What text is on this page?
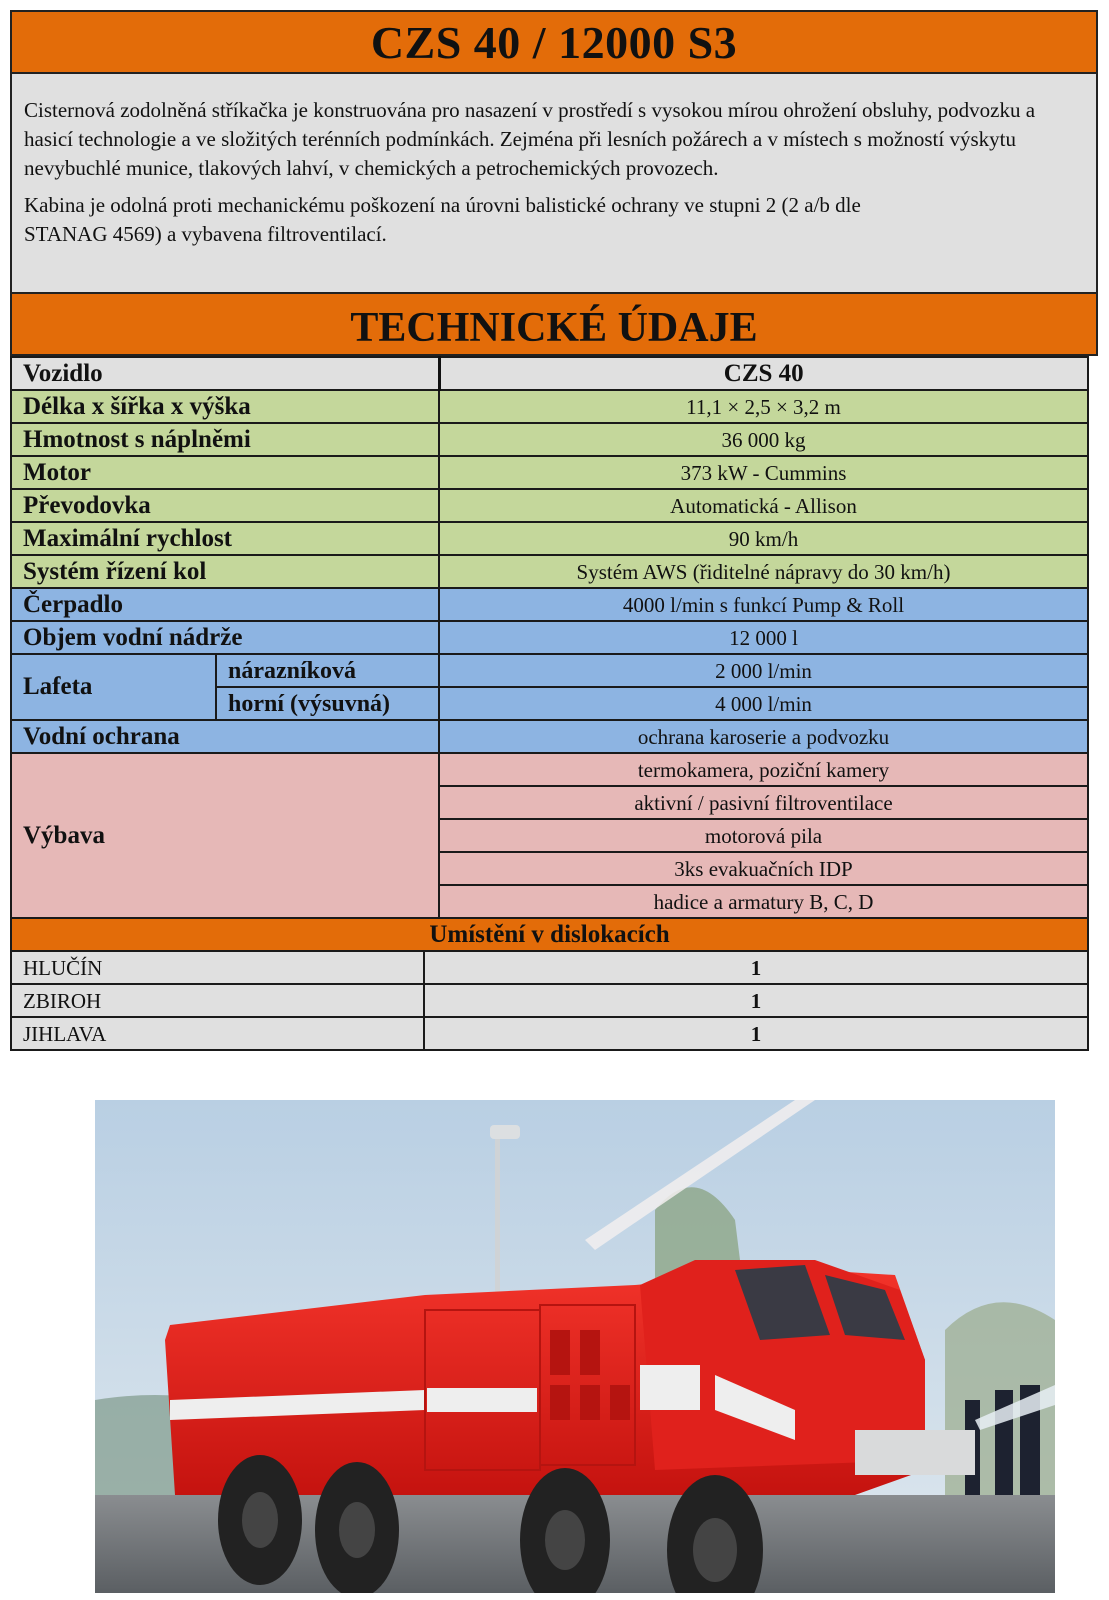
CZS 40 / 12000 S3

Cisternová zodolněná stříkačka je konstruována pro nasazení v prostředí s vysokou mírou ohrožení obsluhy, podvozku a hasicí technologie a ve složitých terénních podmínkách. Zejména při lesních požárech a v místech s možností výskytu nevybuchlé munice, tlakových lahví, v chemických a petrochemických provozech.

Kabina je odolná proti mechanickému poškození na úrovni balistické ochrany ve stupni 2 (2 a/b dle STANAG 4569) a vybavena filtroventilací.

TECHNICKÉ ÚDAJE
Vozidlo		CZS 40
Délka x šířka x výška		11,1 × 2,5 × 3,2 m
Hmotnost s náplněmi		36 000 kg
Motor		373 kW - Cummins
Převodovka		Automatická - Allison
Maximální rychlost		90 km/h
Systém řízení kol		Systém AWS (řiditelné nápravy do 30 km/h)
Čerpadlo		4000 l/min s funkcí Pump & Roll
Objem vodní nádrže		12 000 l
Lafeta	nárazníková	2 000 l/min
	horní (výsuvná)	4 000 l/min
Vodní ochrana		ochrana karoserie a podvozku
Výbava		termokamera, poziční kamery
		aktivní / pasivní filtroventilace
		motorová pila
		3ks evakuačních IDP
		hadice a armatury B, C, D
Umístění v dislokacích	
HLUČÍN	1
ZBIROH	1
JIHLAVA	1
